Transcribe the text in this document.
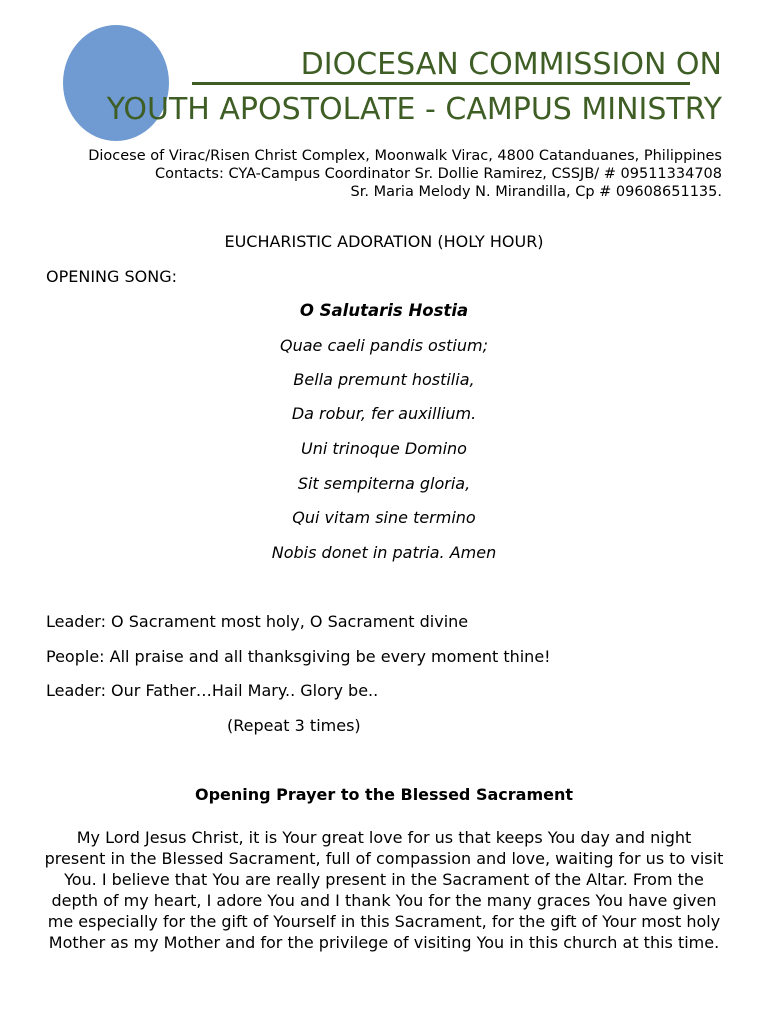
DIOCESAN COMMISSION ON
YOUTH APOSTOLATE - CAMPUS MINISTRY
Diocese of Virac/Risen Christ Complex, Moonwalk Virac, 4800 Catanduanes, Philippines
Contacts: CYA-Campus Coordinator Sr. Dollie Ramirez, CSSJB/ # 09511334708
Sr. Maria Melody N. Mirandilla, Cp # 09608651135.
EUCHARISTIC ADORATION (HOLY HOUR)
OPENING SONG:
O Salutaris Hostia
Quae caeli pandis ostium;
Bella premunt hostilia,
Da robur, fer auxillium.
Uni trinoque Domino
Sit sempiterna gloria,
Qui vitam sine termino
Nobis donet in patria. Amen
Leader: O Sacrament most holy, O Sacrament divine
People: All praise and all thanksgiving be every moment thine!
Leader: Our Father…Hail Mary.. Glory be..
(Repeat 3 times)
Opening Prayer to the Blessed Sacrament
My Lord Jesus Christ, it is Your great love for us that keeps You day and night present in the Blessed Sacrament, full of compassion and love, waiting for us to visit You. I believe that You are really present in the Sacrament of the Altar. From the depth of my heart, I adore You and I thank You for the many graces You have given me especially for the gift of Yourself in this Sacrament, for the gift of Your most holy Mother as my Mother and for the privilege of visiting You in this church at this time.
